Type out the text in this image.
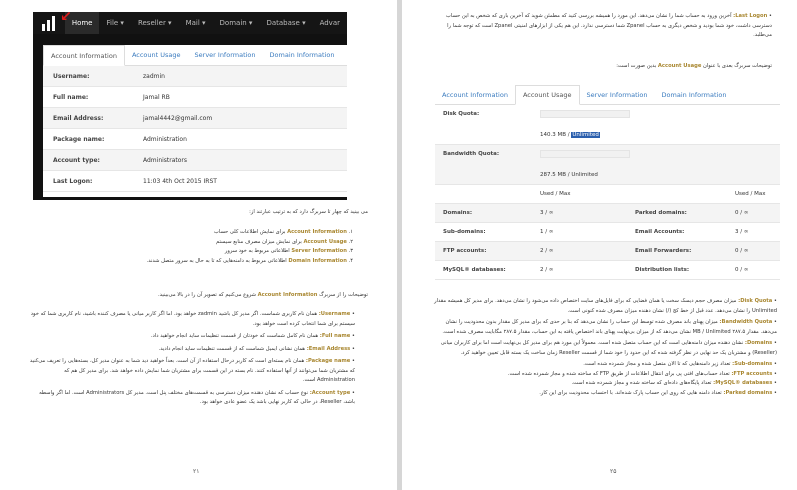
↙ Home	File ▾	Reseller ▾	Mail ▾	Domain ▾	Database ▾	Advar
Account Information	Account Usage	Server Information	Domain Information
Username:	zadmin
Full name:	Jamal RB
Email Address:	jamal4442@gmail.com
Package name:	Administration
Account type:	Administrators
Last Logon:	11:03 4th Oct 2015 IRST
می بینید که چهار تا سربرگ دارد که به ترتیب عبارتند از:
۱. Account Information برای نمایش اطلاعات کلی حساب
۲. Account Usage برای نمایش میزان مصرف منابع سیستم
۳. Server Information اطلاعاتی مربوط به خود سرور
۴. Domain Information اطلاعاتی مربوط به دامنه‌هایی که تا به حال به سرور متصل شدند.
توضیحات را از سربرگ Account Information شروع می‌کنیم که تصویر آن را در بالا می‌بینید.
• Username: همان نام کاربری شماست. اگر مدیر کل باشید zadmin خواهد بود. اما اگر کاربر میانی یا مصرف کننده باشید، نام کاربری شما که خود سیستم برای شما انتخاب کرده است خواهد بود.
• Full name: همان نام کامل شماست که خودتان از قسمت تنظیمات ساید انجام خواهید داد.
• Email Address: همان نشانی ایمیل شماست که از قسمت تنظیمات ساید انجام دادید.
• Package name: همان نام بسته‌ای است که کاربر درحال استفاده از آن است. بعداً خواهید دید شما به عنوان مدیر کل، بسته‌هایی را تعریف می‌کنید که مشتریان شما می‌توانند از آنها استفاده کنند. نام بسته در این قسمت برای مشتریان شما نمایش داده خواهد شد. برای مدیر کل هم که Administration است.
• Account type: نوع حساب که نشان دهنده میزان دسترسی به قسمت‌های مختلف پنل است. مدیر کل Administrators است. اما اگر واسطه باشد، Reseller، در حالی که کاربر نهایی باشد یک عضو عادی خواهد بود.
۲۱
• Last Logon: آخرین ورود به حساب شما را نشان می‌دهد. این مورد را همیشه بررسی کنید که مطمئن شوید که آخرین باری که شخص به این حساب دسترسی داشت، خود شما بودید و شخص دیگری به حساب Zpanel شما دسترسی ندارد. این هم یکی از ابزارهای امنیتی Zpanel است که توجه شما را می‌طلبد.
توضیحات سربرگ بعدی با عنوان Account Usage بدین صورت است:
Account Information	Account Usage	Server Information	Domain Information
Disk Quota:
140.3 MB / Unlimited
Bandwidth Quota:
287.5 MB / Unlimited
Used / Max	Used / Max
Domains:	3 / ∞	Parked domains:	0 / ∞
Sub-domains:	1 / ∞	Email Accounts:	3 / ∞
FTP accounts:	2 / ∞	Email Forwarders:	0 / ∞
MySQL® databases:	2 / ∞	Distribution lists:	0 / ∞
• Disk Quota: میزان مصرف حجم دیسک سخت یا همان فضایی که برای فایل‌های سایت اختصاص داده می‌شود را نشان می‌دهد. برای مدیر کل همیشه مقدار Unlimited را نشان می‌دهد. عدد قبل از خط کج (/) نشان دهنده میزان مصرف شده کنونی است.
• Bandwidth Quota: میزان پهنای باند مصرف شده توسط این حساب را نشان می‌دهد که بنا بر حدی که برای مدیر کل مقدار بدون محدودیت را نشان می‌دهد. مقدار ۲۸۷.۵ MB / Unlimited نشان می‌دهد که از میزان بی‌نهایت پهنای باند اختصاص یافته به این حساب، مقدار ۲۸۷.۵ مگابایت مصرف شده است.
• Domains: نشان دهنده میزان دامنه‌هایی است که این حساب متصل شده است. معمولاً این مورد هم برای مدیر کل بی‌نهایت است اما برای کاربران میانی (Reseller) و مشتریان یک حد نهایی در نظر گرفته شده که این حدود را خود شما از قسمت Reseller زمان ساخت یک بسته قابل تعیین خواهید کرد.
• Sub-domains: تعداد زیر دامنه‌هایی که تا الان متصل شده و مجاز شمرده شده است.
• FTP accounts: تعداد حساب‌های افتی پی برای انتقال اطلاعات از طریق FTP که ساخته شده و مجاز شمرده شده است.
• MySQL® databases: تعداد پایگاه‌های داده‌ای که ساخته شده و مجاز شمرده شده است.
• Parked domains: تعداد دامنه هایی که روی این حساب پارک شده‌اند. با احتساب محدودیت برای این کار.
۲۵
